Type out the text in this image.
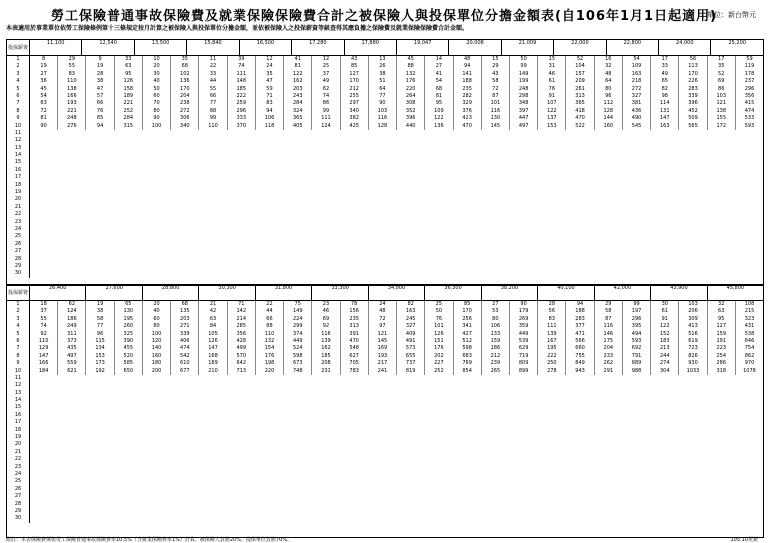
勞工保險普通事故保險費及就業保險保險費合計之被保險人與投保單位分擔金額表(自106年1月1日起適用)
單位：新台幣元
本表適用於事業單位依勞工保險條例第十三條規定按月計算之被保險人與投保單位分擔金額，並依被保險人之投保薪資等級查得其應負擔之保險費及就業保險保險費合計金額。
投保薪資
11,100	12,540	13,500	15,840	16,500	17,280	17,880	19,047	20,008	21,009	22,000	22,800	24,000	25,200
1	8	29	9	33	10	35	11	39	12	41	12	43	13	45	14	48	15	50	15	52	16	54	17	56	17	59
2	19	55	19	63	20	68	22	74	24	81	25	85	26	88	27	94	29	99	31	104	32	109	33	113	35	119
3	27	83	28	95	30	102	33	111	35	122	37	127	38	132	41	141	43	149	46	157	48	163	49	170	52	178
4	36	110	38	126	40	136	44	148	47	162	49	170	51	176	54	188	58	199	61	209	64	218	65	226	69	237
5	45	138	47	158	50	170	55	185	59	203	62	212	64	220	68	235	72	248	76	261	80	272	82	283	86	296
6	54	166	57	189	60	204	66	222	71	243	74	255	77	264	81	282	87	298	91	313	96	327	98	339	103	356
7	63	193	66	221	70	238	77	259	83	284	86	297	90	308	95	329	101	348	107	365	112	381	114	396	121	415
8	72	221	76	252	80	272	88	296	94	324	99	340	103	352	109	376	116	397	122	418	128	436	131	452	138	474
9	81	248	85	284	90	306	99	333	106	365	111	382	116	396	122	423	130	447	137	470	144	490	147	509	155	533
10	90	276	94	315	100	340	110	370	118	405	124	425	128	440	136	470	145	497	153	522	160	545	163	565	172	593
11
12
13
14
15
16
17
18
19
20
21
22
23
24
25
26
27
28
29
30
投保薪資
26,400	27,600	28,800	30,300	31,800	33,300	34,800	36,300	38,200	40,100	42,000	43,900	45,800
1	18	62	19	65	20	68	21	71	22	75	23	78	24	82	25	85	27	90	28	94	29	99	30	103	32	108
2	37	124	38	130	40	135	42	142	44	149	46	156	48	163	50	170	53	179	56	188	58	197	61	206	63	215
3	55	186	58	195	60	203	63	214	66	224	69	235	72	245	76	256	80	269	83	283	87	296	91	309	95	323
4	74	249	77	260	80	271	84	285	88	299	92	313	97	327	101	341	106	359	111	377	116	395	122	413	127	431
5	92	311	96	325	100	339	105	356	110	374	116	391	121	409	126	427	133	449	139	471	146	494	152	516	159	538
6	110	373	115	390	120	406	126	428	132	449	139	470	145	491	151	512	159	539	167	566	175	593	183	619	191	646
7	129	435	134	455	140	474	147	499	154	524	162	548	169	573	176	598	186	629	195	660	204	692	213	723	223	754
8	147	497	153	520	160	542	168	570	176	598	185	627	193	655	202	683	212	719	222	755	233	791	244	826	254	862
9	166	559	173	585	180	610	189	642	198	673	208	705	217	737	227	769	239	809	250	849	262	889	274	930	286	970
10	184	621	192	650	200	677	210	713	220	748	231	783	241	819	252	854	265	899	278	943	291	988	304	1033	318	1078
11
12
13
14
15
16
17
18
19
20
21
22
23
24
25
26
27
28
29
30
附註：本表保險費係依勞工保險普通事故保險費率10.5%（含就業保險費率1%）計算，被保險人負擔20%，投保單位負擔70%。	105.10更新
